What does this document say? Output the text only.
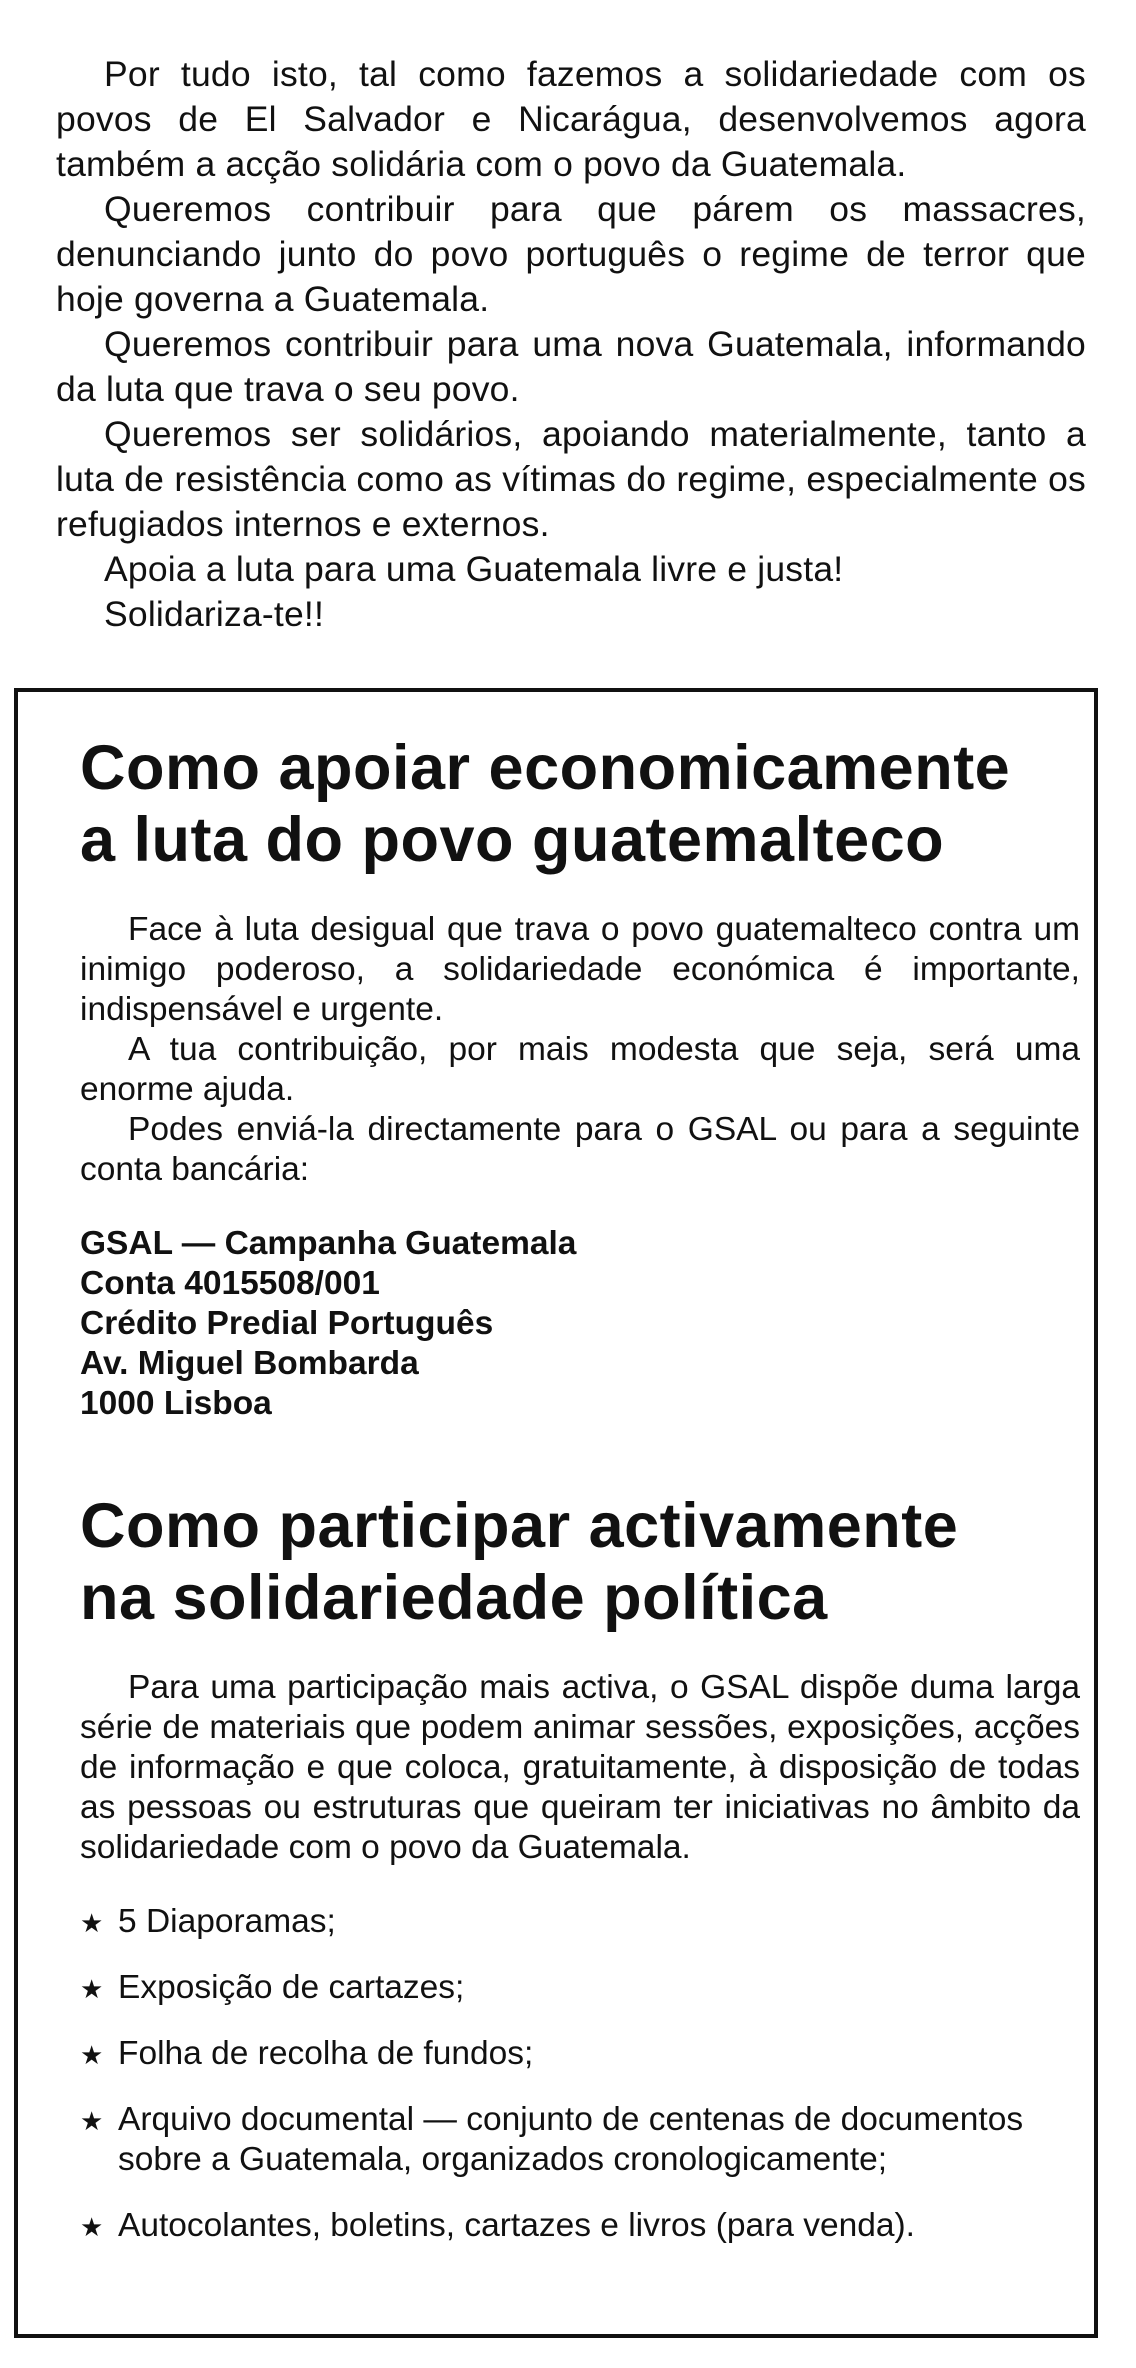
Por tudo isto, tal como fazemos a solidariedade com os povos de El Salvador e Nicarágua, desenvolvemos agora também a acção solidária com o povo da Guatemala.

Queremos contribuir para que párem os massacres, denunciando junto do povo português o regime de terror que hoje governa a Guatemala.

Queremos contribuir para uma nova Guatemala, informando da luta que trava o seu povo.

Queremos ser solidários, apoiando materialmente, tanto a luta de resistência como as vítimas do regime, especialmente os refugiados internos e externos.

Apoia a luta para uma Guatemala livre e justa!

Solidariza-te!!

Como apoiar economicamente
a luta do povo guatemalteco

Face à luta desigual que trava o povo guatemalteco contra um inimigo poderoso, a solidariedade económica é importante, indispensável e urgente.

A tua contribuição, por mais modesta que seja, será uma enorme ajuda.

Podes enviá-la directamente para o GSAL ou para a seguinte conta bancária:

GSAL — Campanha Guatemala
Conta 4015508/001
Crédito Predial Português
Av. Miguel Bombarda
1000 Lisboa
Como participar activamente
na solidariedade política

Para uma participação mais activa, o GSAL dispõe duma larga série de materiais que podem animar sessões, exposições, acções de informação e que coloca, gratuitamente, à disposição de todas as pessoas ou estruturas que queiram ter iniciativas no âmbito da solidariedade com o povo da Guatemala.

★ 5 Diaporamas;
★ Exposição de cartazes;
★ Folha de recolha de fundos;
★ Arquivo documental — conjunto de centenas de documentos sobre a Guatemala, organizados cronologicamente;
★ Autocolantes, boletins, cartazes e livros (para venda).
